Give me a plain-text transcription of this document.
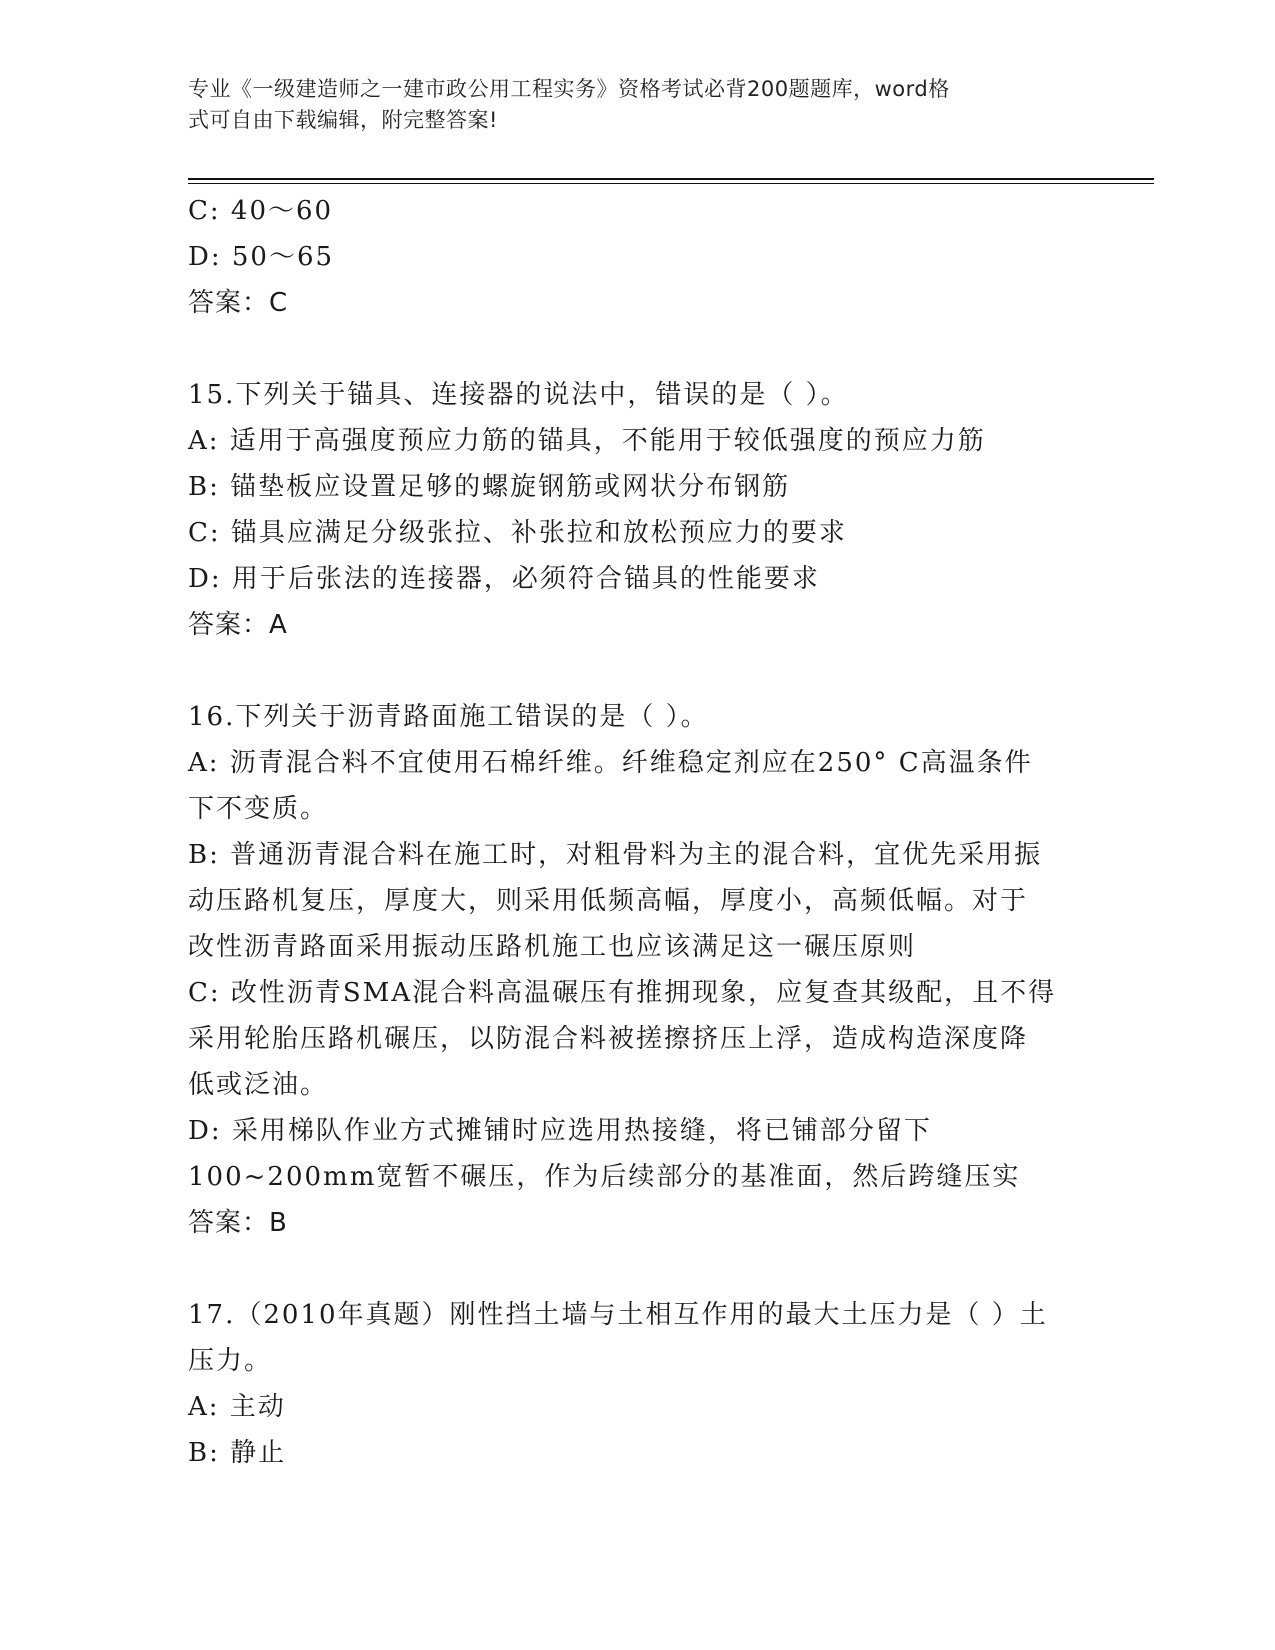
专业《一级建造师之一建市政公用工程实务》资格考试必背200题题库，word格
式可自由下载编辑，附完整答案!
C: 40～60
D: 50～65
答案：C
15.下列关于锚具、连接器的说法中，错误的是（ ）。
A: 适用于高强度预应力筋的锚具，不能用于较低强度的预应力筋
B: 锚垫板应设置足够的螺旋钢筋或网状分布钢筋
C: 锚具应满足分级张拉、补张拉和放松预应力的要求
D: 用于后张法的连接器，必须符合锚具的性能要求
答案：A
16.下列关于沥青路面施工错误的是（ ）。
A: 沥青混合料不宜使用石棉纤维。纤维稳定剂应在250° C高温条件
下不变质。
B: 普通沥青混合料在施工时，对粗骨料为主的混合料，宜优先采用振
动压路机复压，厚度大，则采用低频高幅，厚度小，高频低幅。对于
改性沥青路面采用振动压路机施工也应该满足这一碾压原则
C: 改性沥青SMA混合料高温碾压有推拥现象，应复查其级配，且不得
采用轮胎压路机碾压，以防混合料被搓擦挤压上浮，造成构造深度降
低或泛油。
D: 采用梯队作业方式摊铺时应选用热接缝，将已铺部分留下
100~200mm宽暂不碾压，作为后续部分的基准面，然后跨缝压实
答案：B
17.（2010年真题）刚性挡土墙与土相互作用的最大土压力是（ ）土
压力。
A: 主动
B: 静止
